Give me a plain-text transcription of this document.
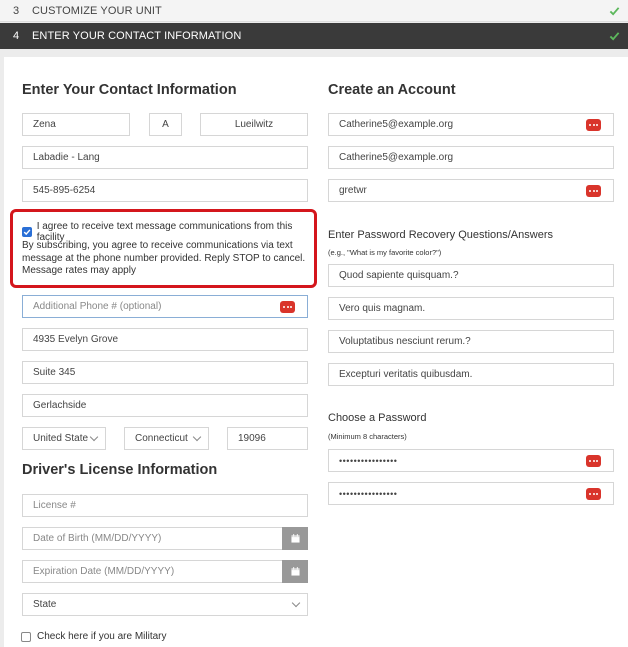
3	CUSTOMIZE YOUR UNIT
4	ENTER YOUR CONTACT INFORMATION
Enter Your Contact Information
Zena	A	Lueilwitz
Labadie - Lang
545-895-6254
I agree to receive text message communications from this facility
By subscribing, you agree to receive communications via text message at the phone number provided. Reply STOP to cancel. Message rates may apply
Additional Phone # (optional)
4935 Evelyn Grove
Suite 345
Gerlachside
United State	Connecticut	19096
Driver's License Information
License #
Date of Birth (MM/DD/YYYY)
Expiration Date (MM/DD/YYYY)
State
Check here if you are Military
Create an Account
Catherine5@example.org
Catherine5@example.org
gretwr
Enter Password Recovery Questions/Answers
(e.g., "What is my favorite color?")
Quod sapiente quisquam.?
Vero quis magnam.
Voluptatibus nesciunt rerum.?
Excepturi veritatis quibusdam.
Choose a Password
(Minimum 8 characters)
••••••••••••••••
••••••••••••••••
